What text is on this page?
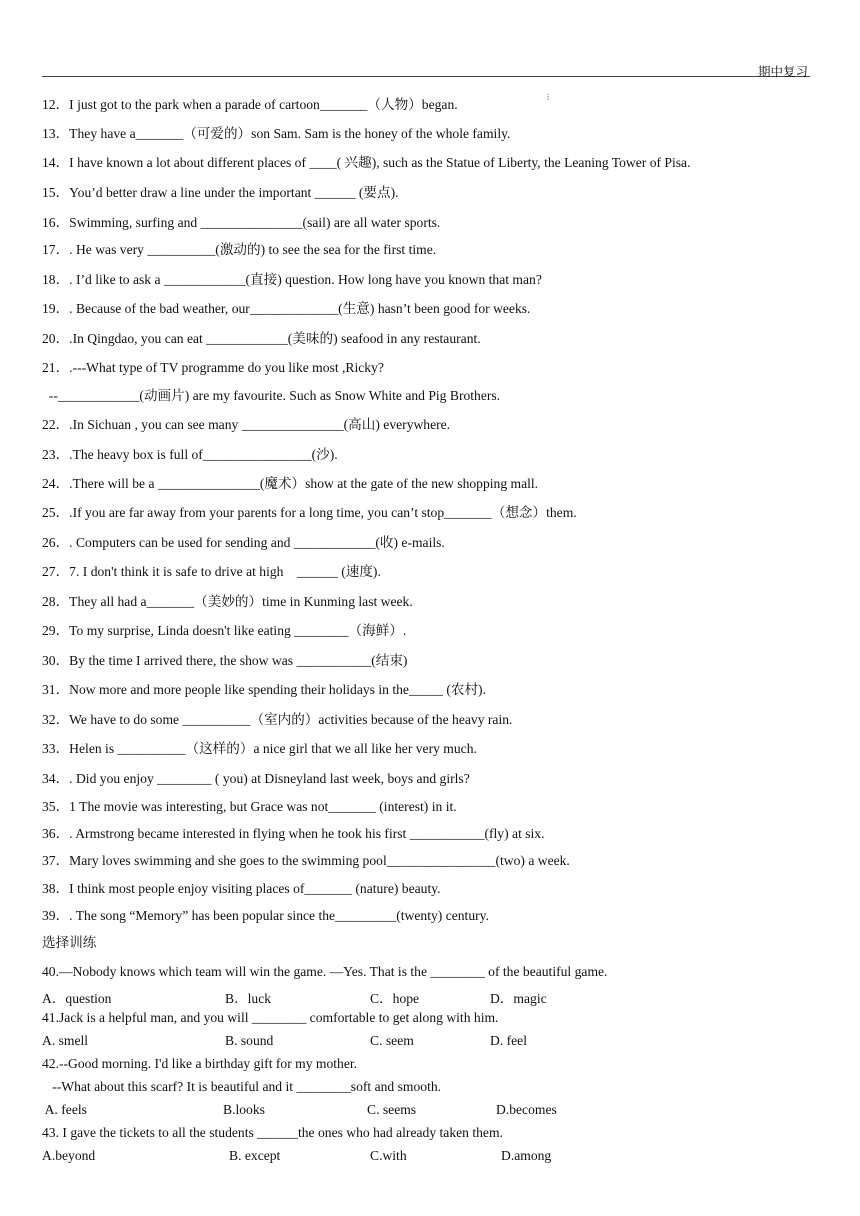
期中复习
12．I just got to the park when a parade of cartoon_______（人物）began.	⁞
13．They have a_______（可爱的）son Sam. Sam is the honey of the whole family.
14．I have known a lot about different places of ____( 兴趣), such as the Statue of Liberty, the Leaning Tower of Pisa.
15．You’d better draw a line under the important ______ (要点).
16．Swimming, surfing and _______________(sail) are all water sports.
17．. He was very __________(激动的) to see the sea for the first time.
18．. I’d like to ask a ____________(直接) question. How long have you known that man?
19．. Because of the bad weather, our_____________(生意) hasn’t been good for weeks.
20．.In Qingdao, you can eat ____________(美味的) seafood in any restaurant.
21．.---What type of TV programme do you like most ,Ricky?
--____________(动画片) are my favourite. Such as Snow White and Pig Brothers.
22．.In Sichuan , you can see many _______________(高山) everywhere.
23．.The heavy box is full of________________(沙).
24．.There will be a _______________(魔术）show at the gate of the new shopping mall.
25．.If you are far away from your parents for a long time, you can’t stop_______（想念）them.
26．. Computers can be used for sending and ____________(收) e-mails.
27．7. I don't think it is safe to drive at high    ______ (速度).
28．They all had a_______（美妙的）time in Kunming last week.
29．To my surprise, Linda doesn't like eating ________（海鲜）.
30．By the time I arrived there, the show was ___________(结束)
31．Now more and more people like spending their holidays in the_____ (农村).
32．We have to do some __________（室内的）activities because of the heavy rain.
33．Helen is __________（这样的）a nice girl that we all like her very much.
34．. Did you enjoy ________ ( you) at Disneyland last week, boys and girls?
35．1 The movie was interesting, but Grace was not_______ (interest) in it.
36．. Armstrong became interested in flying when he took his first ___________(fly) at six.
37．Mary loves swimming and she goes to the swimming pool________________(two) a week.
38．I think most people enjoy visiting places of_______ (nature) beauty.
39．. The song “Memory” has been popular since the_________(twenty) century.
选择训练
40.—Nobody knows which team will win the game. —Yes. That is the ________ of the beautiful game.
A．question	B．luck	C．hope	D．magic
41.Jack is a helpful man, and you will ________ comfortable to get along with him.
A. smell	B. sound	C. seem	D. feel
42.--Good morning. I'd like a birthday gift for my mother.
--What about this scarf? It is beautiful and it ________soft and smooth.
A. feels	B.looks	C. seems	D.becomes
43. I gave the tickets to all the students ______the ones who had already taken them.
A.beyond	B. except	C.with	D.among
